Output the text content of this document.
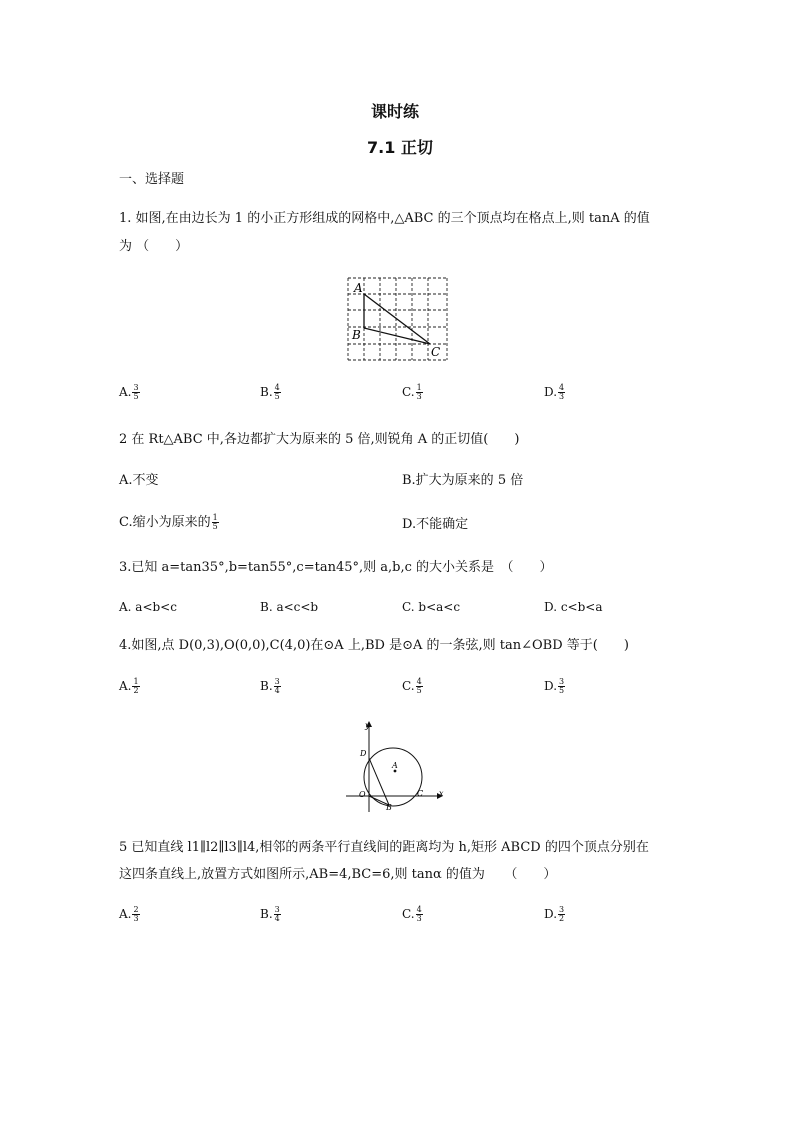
课时练
7.1 正切
一、选择题
1. 如图,在由边长为 1 的小正方形组成的网格中,△ABC 的三个顶点均在格点上,则 tanA 的值
为 （　　）
A
B
C
A. $\frac{3}{5}$	B. $\frac{4}{5}$	C. $\frac{1}{3}$	D. $\frac{4}{3}$
2 在 Rt△ABC 中,各边都扩大为原来的 5 倍,则锐角 A 的正切值(　　)
A.不变	B.扩大为原来的 5 倍
C.缩小为原来的 $\frac{1}{5}$	D.不能确定
3.已知 a=tan35°,b=tan55°,c=tan45°,则 a,b,c 的大小关系是　（　　）
A. a<b<c	B. a<c<b	C. b<a<c	D. c<b<a
4.如图,点 D(0,3),O(0,0),C(4,0)在⊙A 上,BD 是⊙A 的一条弦,则 tan∠OBD 等于(　　)
A. $\frac{1}{2}$	B. $\frac{3}{4}$	C. $\frac{4}{5}$	D. $\frac{3}{5}$
y
x
D
A
O
B
C
5 已知直线 l1∥l2∥l3∥l4,相邻的两条平行直线间的距离均为 h,矩形 ABCD 的四个顶点分别在
这四条直线上,放置方式如图所示,AB=4,BC=6,则 tanα 的值为　　（　　）
A. $\frac{2}{3}$	B. $\frac{3}{4}$	C. $\frac{4}{3}$	D. $\frac{3}{2}$
